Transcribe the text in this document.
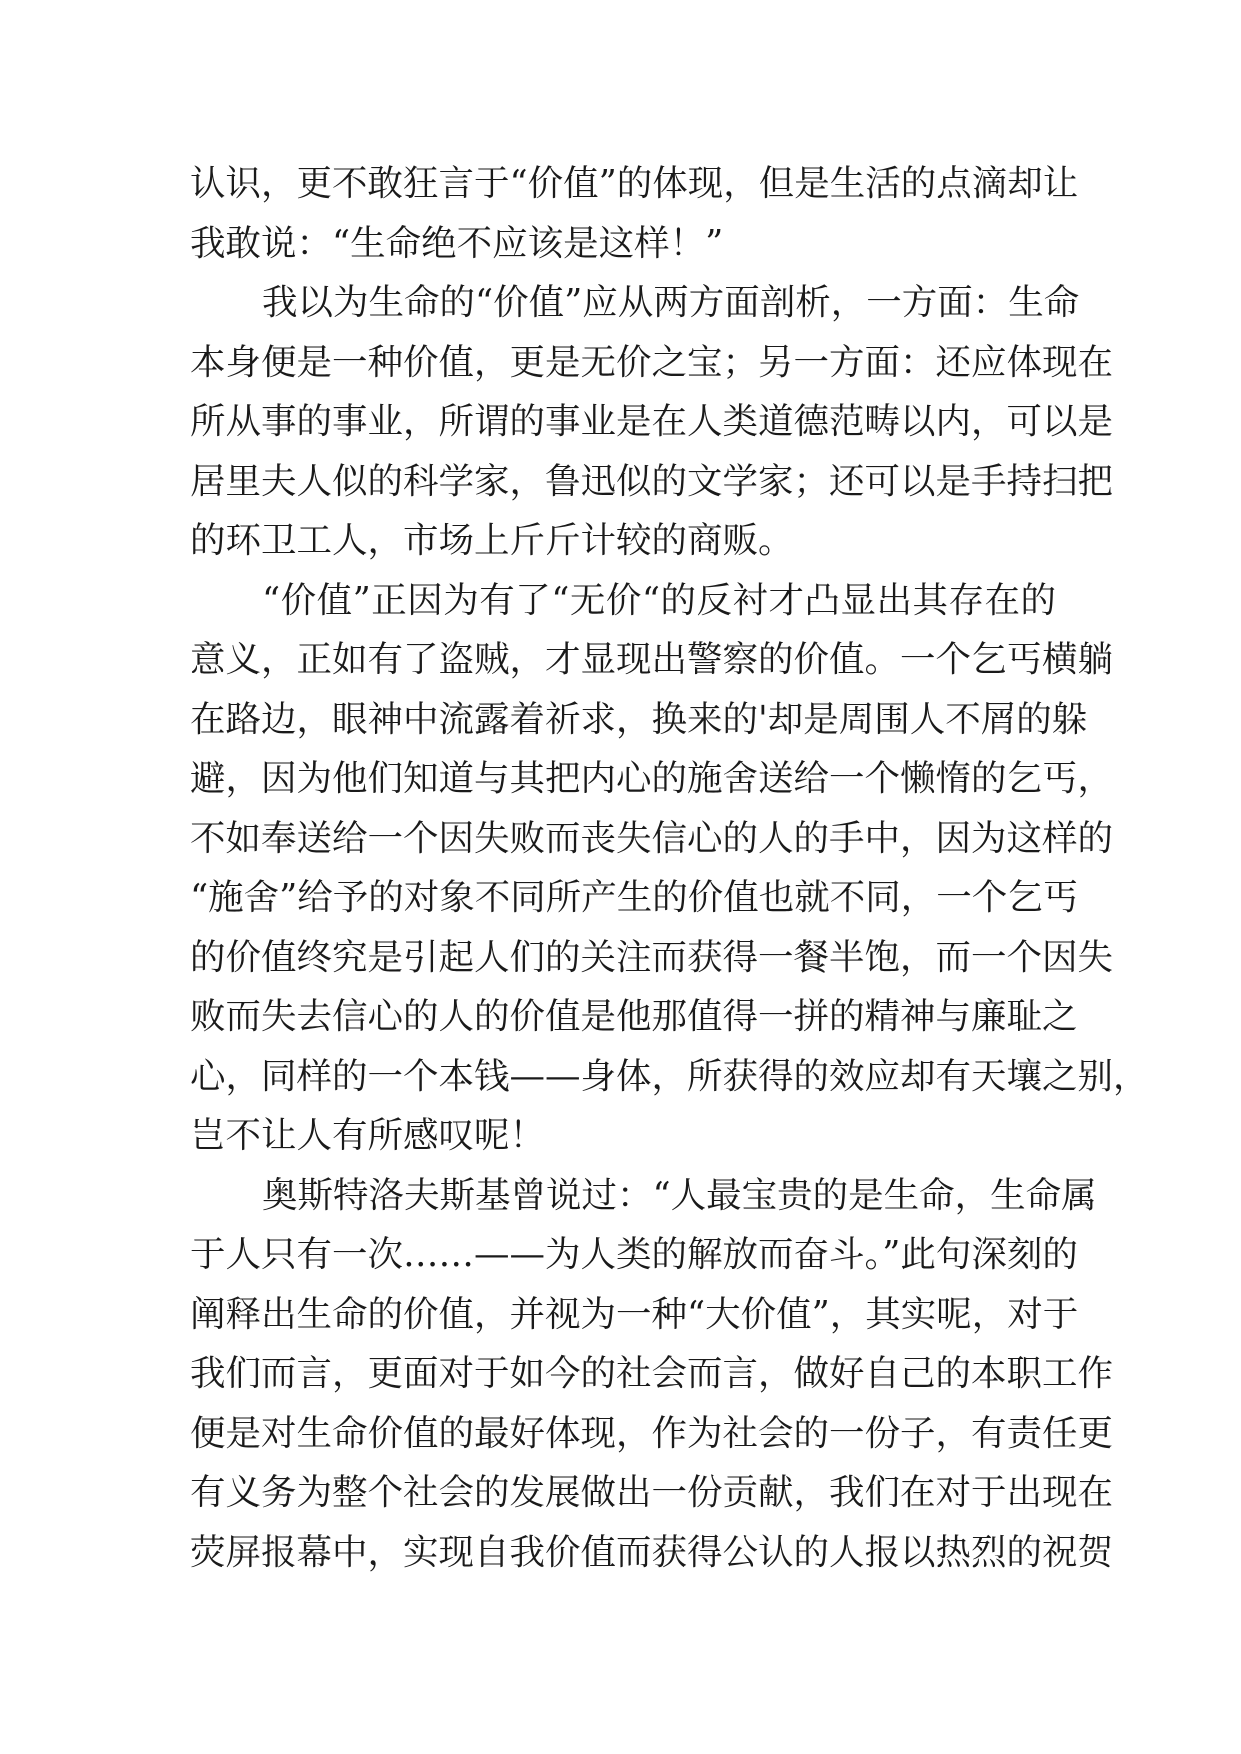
认识，更不敢狂言于“价值”的体现，但是生活的点滴却让
我敢说：“生命绝不应该是这样！”
我以为生命的“价值”应从两方面剖析，一方面：生命
本身便是一种价值，更是无价之宝；另一方面：还应体现在
所从事的事业，所谓的事业是在人类道德范畴以内，可以是
居里夫人似的科学家，鲁迅似的文学家；还可以是手持扫把
的环卫工人，市场上斤斤计较的商贩。
“价值”正因为有了“无价“的反衬才凸显出其存在的
意义，正如有了盗贼，才显现出警察的价值。一个乞丐横躺
在路边，眼神中流露着祈求，换来的'却是周围人不屑的躲
避，因为他们知道与其把内心的施舍送给一个懒惰的乞丐，
不如奉送给一个因失败而丧失信心的人的手中，因为这样的
“施舍”给予的对象不同所产生的价值也就不同，一个乞丐
的价值终究是引起人们的关注而获得一餐半饱，而一个因失
败而失去信心的人的价值是他那值得一拼的精神与廉耻之
心，同样的一个本钱——身体，所获得的效应却有天壤之别，
岂不让人有所感叹呢！
奥斯特洛夫斯基曾说过：“人最宝贵的是生命，生命属
于人只有一次……——为人类的解放而奋斗。”此句深刻的
阐释出生命的价值，并视为一种“大价值”，其实呢，对于
我们而言，更面对于如今的社会而言，做好自己的本职工作
便是对生命价值的最好体现，作为社会的一份子，有责任更
有义务为整个社会的发展做出一份贡献，我们在对于出现在
荧屏报幕中，实现自我价值而获得公认的人报以热烈的祝贺
